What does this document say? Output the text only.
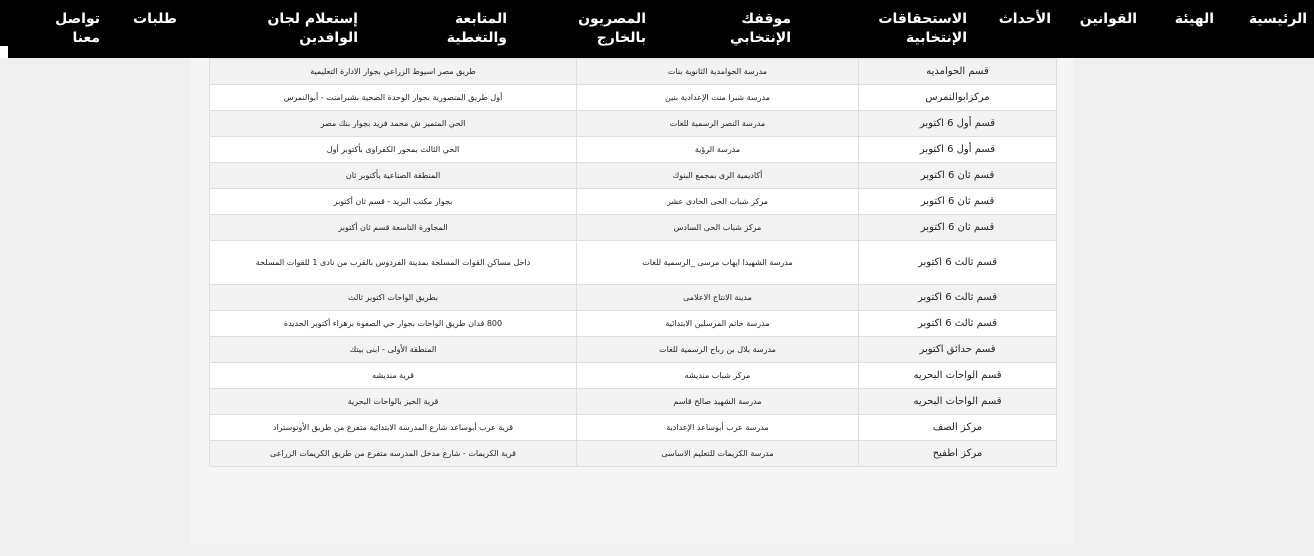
الرئيسية
الهيئة
القوانين
الأحداث
الاستحقاقات
الإنتخابية
موقفك
الإنتخابي
المصريون
بالخارج
المتابعة
والتغطية
إستعلام لجان
الوافدين
طلبات
تواصل
معنا
قسم الحوامديه	مدرسة الحوامدية الثانوية بنات	طريق مصر اسيوط الزراعي بجوار الادارة التعليمية
مركزابوالنمرس	مدرسة شبرا منت الإعدادية بنين	أول طريق المنصورية بجوار الوحدة الصحية بشبرامنت - أبوالنمرس
قسم أول 6 اكتوبر	مدرسة النصر الرسمية للغات	الحي المتميز ش محمد فريد بجوار بنك مصر
قسم أول 6 اكتوبر	مدرسة الرؤية	الحي الثالث بمحور الكفراوى بأكتوبر أول
قسم ثان 6 اكتوبر	أكاديمية الرى بمجمع البنوك	المنطقة الصناعية بأكتوبر ثان
قسم ثان 6 اكتوبر	مركز شباب الحى الحادى عشر	بجوار مكتب البريد - قسم ثان أكتوبر
قسم ثان 6 اكتوبر	مركز شباب الحى السادس	المجاورة التاسعة قسم ثان أكتوبر
قسم ثالث 6 اكتوبر	مدرسة الشهيدا ايهاب مرسى _الرسمية للغات	داخل مساكن القوات المسلحة بمدينة الفردوس بالقرب من نادى 1 للقوات المسلحة
قسم ثالث 6 اكتوبر	مدينة الانتاج الاعلامى	بطريق الواحات اكتوبر ثالث
قسم ثالث 6 اكتوبر	مدرسة خاتم المرسلين الابتدائية	800 فدان طريق الواحات بجوار حي الصفوة بزهراء أكتوبر الجديدة
قسم حدائق اكتوبر	مدرسة بلال بن رباح الرسمية للغات	المنطقة الأولى - ابنى بيتك
قسم الواحات البحريه	مركز شباب منديشه	قرية منديشه
قسم الواحات البحريه	مدرسة الشهيد صالح قاسم	قرية الحيز بالواحات البحرية
مركز الصف	مدرسة عرب أبوساعد الإعدادية	قرية عرب أبوساعد شارع المدرسة الابتدائية متفرع من طريق الأوتوستراد
مركز اطفيح	مدرسة الكريمات للتعليم الاساسى	قرية الكريمات - شارع مدخل المدرسه متفرع من طريق الكريمات الزراعى
